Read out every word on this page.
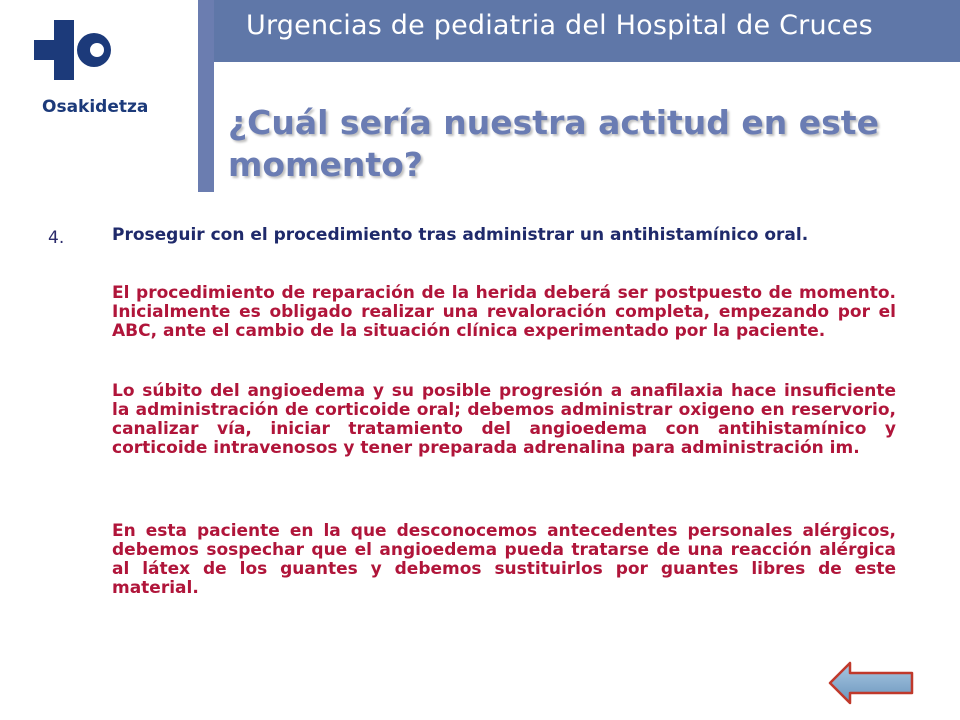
Urgencias de pediatria del Hospital de Cruces
Osakidetza ¿Cuál sería nuestra actitud en este momento?
4.	Proseguir con el procedimiento tras administrar un antihistamínico oral.
El procedimiento de reparación de la herida deberá ser postpuesto de momento. Inicialmente es obligado realizar una revaloración completa, empezando por el ABC, ante el cambio de la situación clínica experimentado por la paciente.
Lo súbito del angioedema y su posible progresión a anafilaxia hace insuficiente la administración de corticoide oral; debemos administrar oxigeno en reservorio, canalizar vía, iniciar tratamiento del angioedema con antihistamínico y corticoide intravenosos y tener preparada adrenalina para administración im.
En esta paciente en la que desconocemos antecedentes personales alérgicos, debemos sospechar que el angioedema pueda tratarse de una reacción alérgica al látex de los guantes y debemos sustituirlos por guantes libres de este material.
